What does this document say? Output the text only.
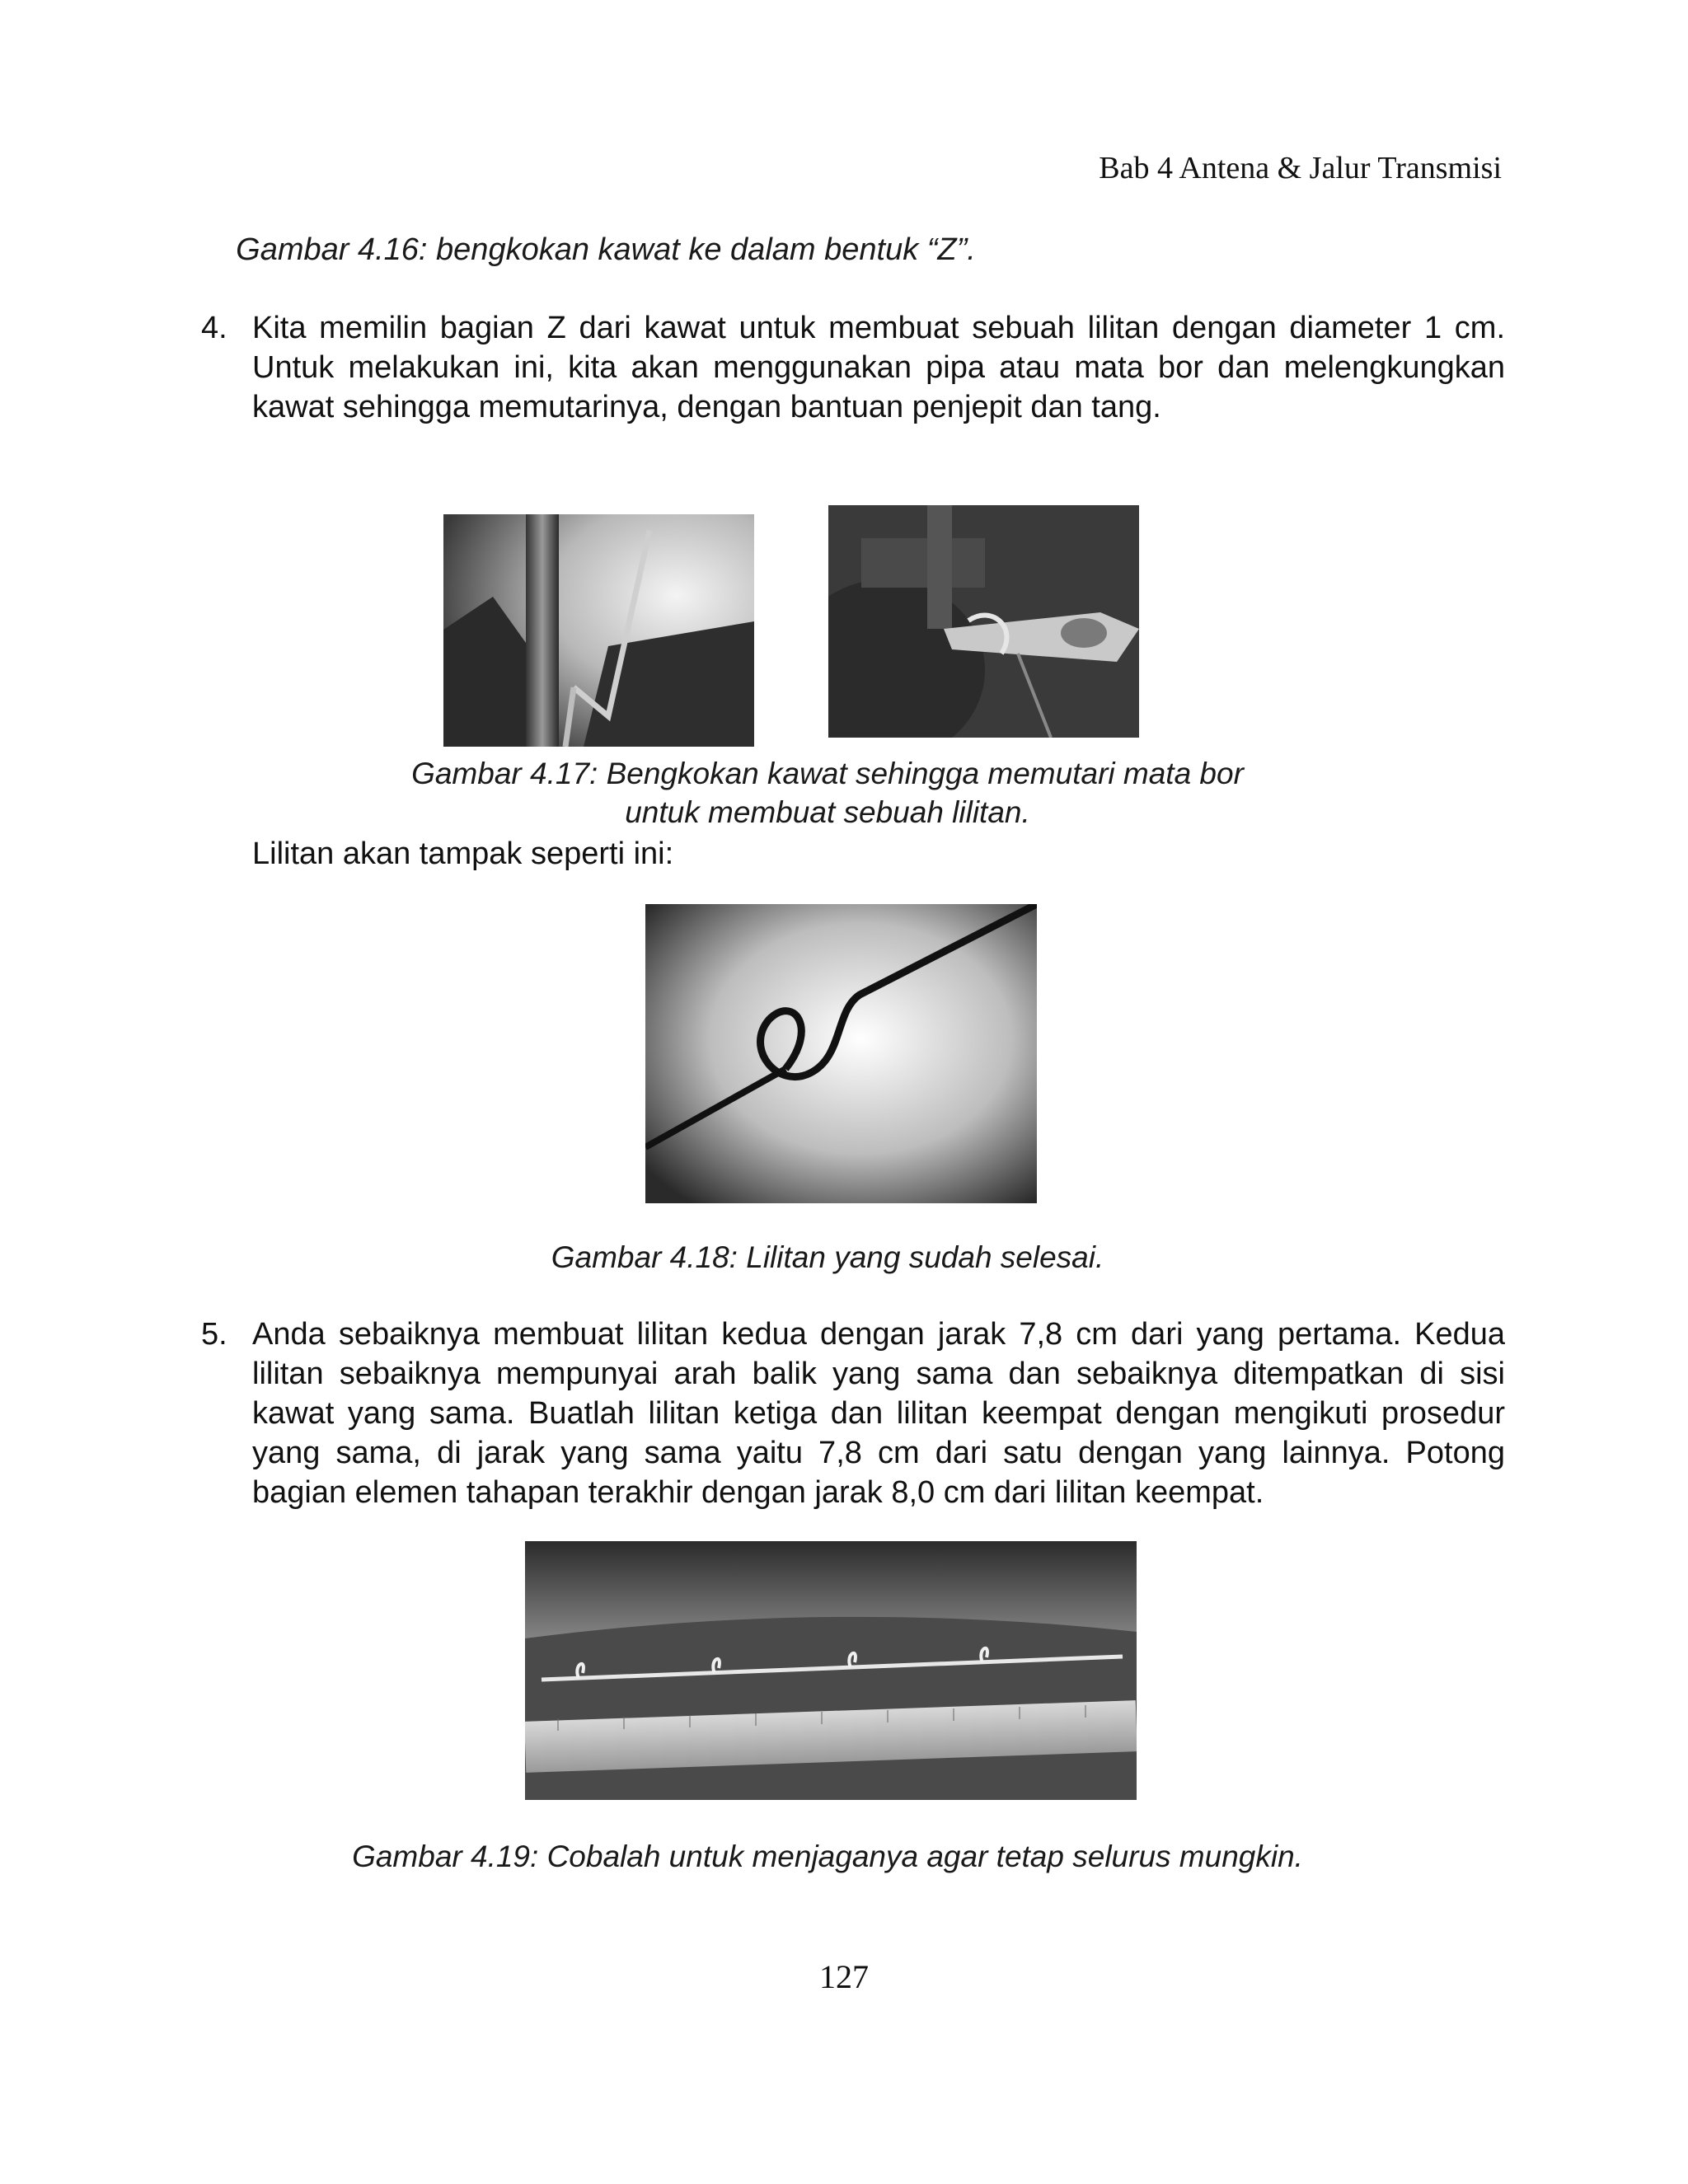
Bab 4 Antena & Jalur Transmisi
Gambar 4.16: bengkokan kawat ke dalam bentuk “Z”.
4. Kita memilin bagian Z dari kawat untuk membuat sebuah lilitan dengan diameter 1 cm. Untuk melakukan ini, kita akan menggunakan pipa atau mata bor dan melengkungkan kawat sehingga memutarinya, dengan bantuan penjepit dan tang.
Gambar 4.17: Bengkokan kawat sehingga memutari mata bor
untuk membuat sebuah lilitan.
Lilitan akan tampak seperti ini:
Gambar 4.18: Lilitan yang sudah selesai.
5. Anda sebaiknya membuat lilitan kedua dengan jarak 7,8 cm dari yang pertama. Kedua lilitan sebaiknya mempunyai arah balik yang sama dan sebaiknya ditempatkan di sisi kawat yang sama. Buatlah lilitan ketiga dan lilitan keempat dengan mengikuti prosedur yang sama, di jarak yang sama yaitu 7,8 cm dari satu dengan yang lainnya. Potong bagian elemen tahapan terakhir dengan jarak 8,0 cm dari lilitan keempat.
Gambar 4.19: Cobalah untuk menjaganya agar tetap selurus mungkin.
127
